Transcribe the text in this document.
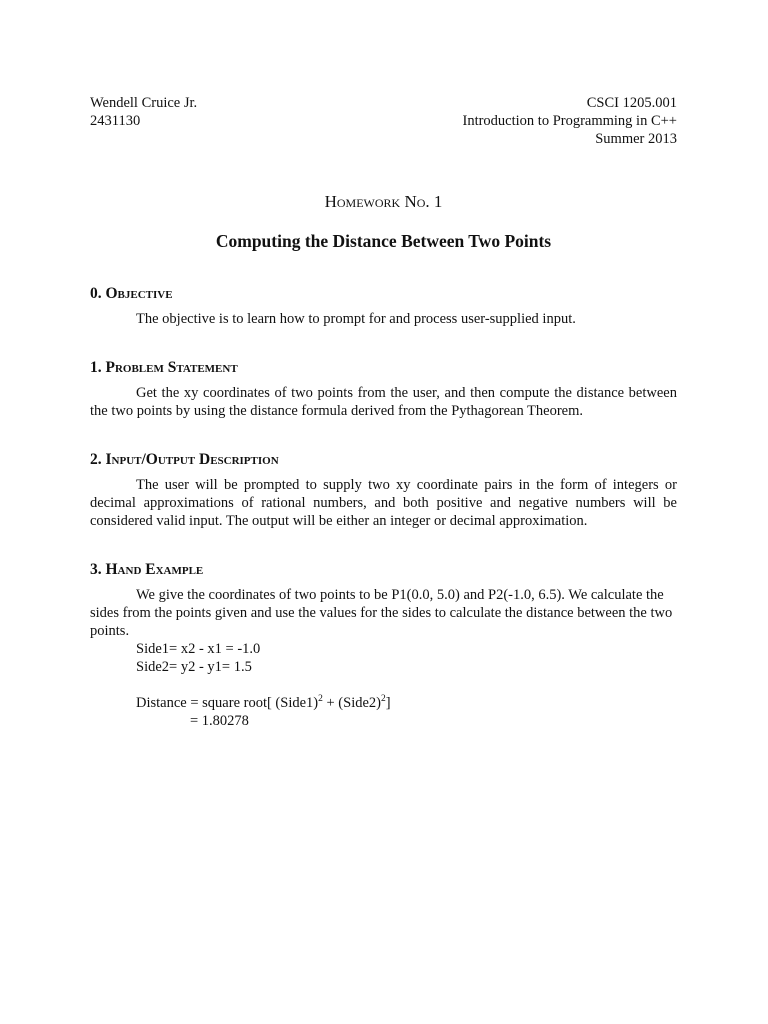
Wendell Cruice Jr.
2431130
CSCI 1205.001
Introduction to Programming in C++
Summer 2013
Homework No. 1
Computing the Distance Between Two Points
0. Objective

The objective is to learn how to prompt for and process user-supplied input.

1. Problem Statement

Get the xy coordinates of two points from the user, and then compute the distance between the two points by using the distance formula derived from the Pythagorean Theorem.

2. Input/Output Description

The user will be prompted to supply two xy coordinate pairs in the form of integers or decimal approximations of rational numbers, and both positive and negative numbers will be considered valid input. The output will be either an integer or decimal approximation.

3. Hand Example

We give the coordinates of two points to be P1(0.0, 5.0) and P2(-1.0, 6.5). We calculate the sides from the points given and use the values for the sides to calculate the distance between the two points.

Side1= x2 - x1 = -1.0
Side2= y2 - y1= 1.5
Distance = square root[ (Side1)$^2$ + (Side2)$^2$]
= 1.80278
